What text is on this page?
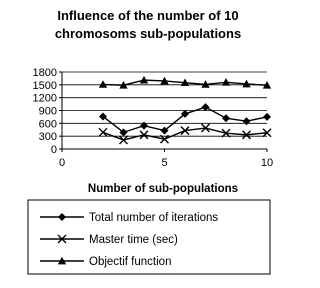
Influence of the number of 10
chromosoms sub-populations
0
300
600
900
1200
1500
1800
0	5	10
Number of sub-populations
Total number of iterations
Master time (sec)
Objectif function
